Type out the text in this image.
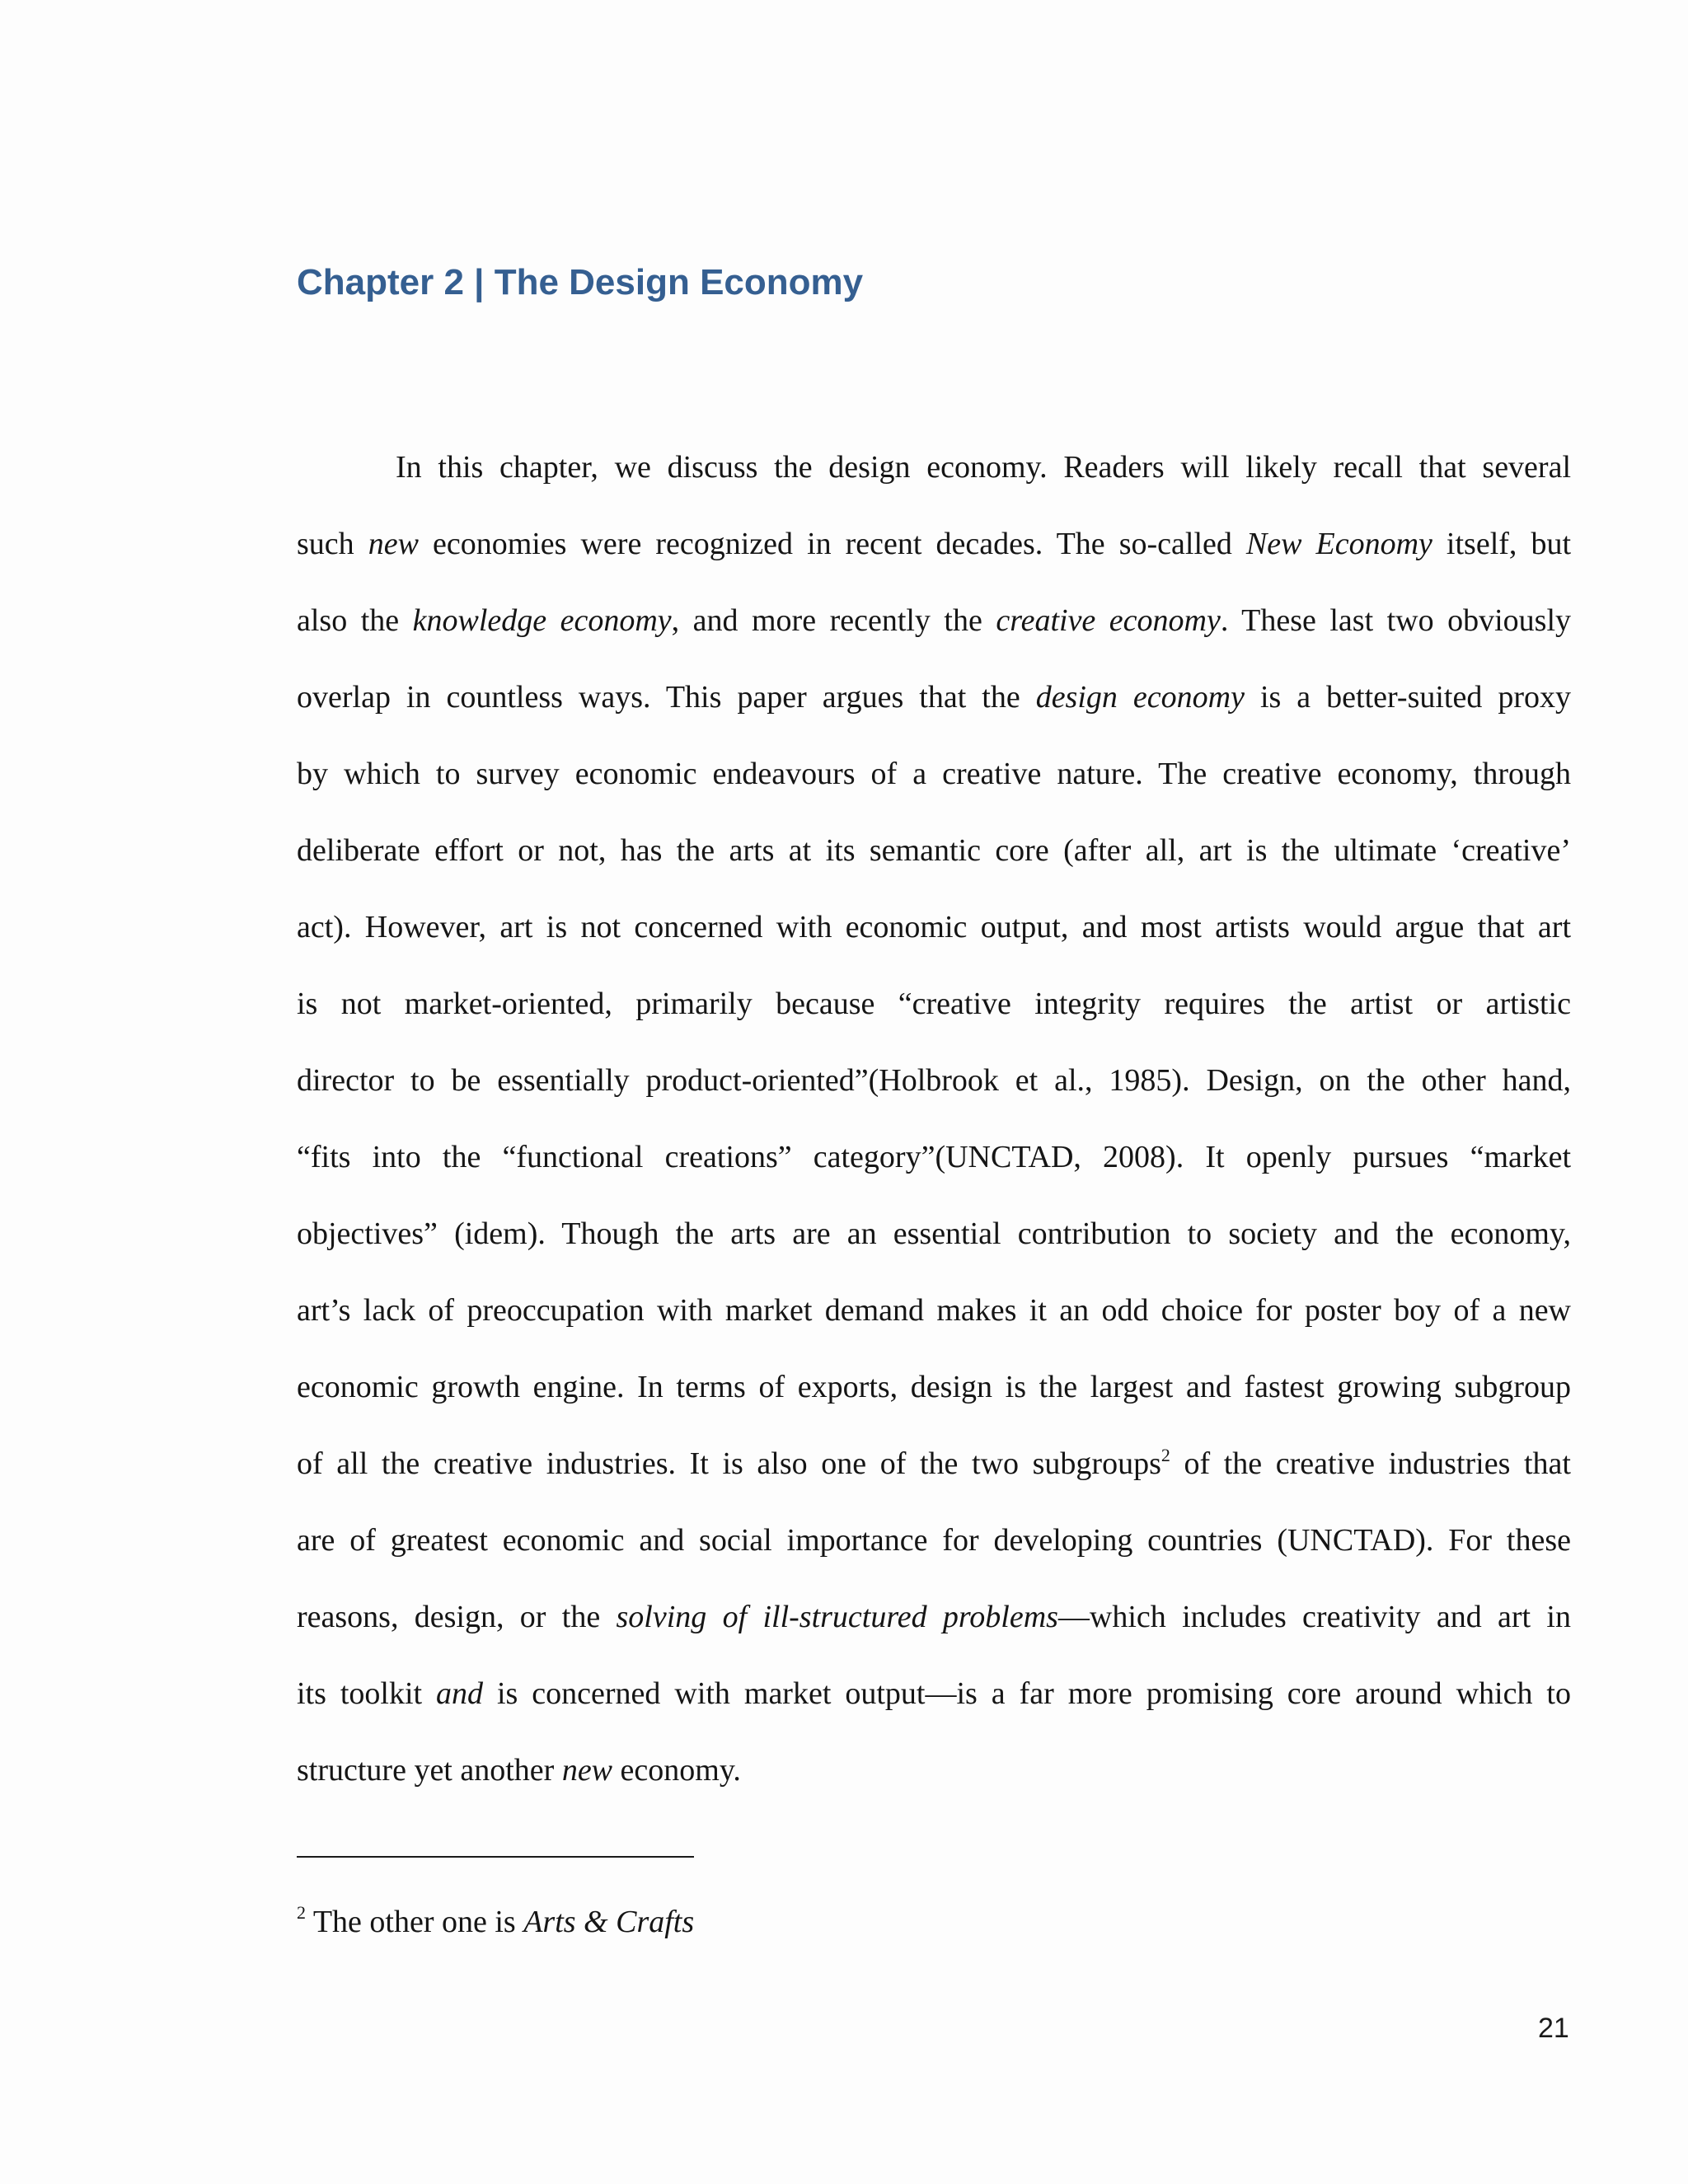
Chapter 2 | The Design Economy
In this chapter, we discuss the design economy. Readers will likely recall that several
such new economies were recognized in recent decades. The so-called New Economy itself, but
also the knowledge economy, and more recently the creative economy. These last two obviously
overlap in countless ways. This paper argues that the design economy is a better-suited proxy
by which to survey economic endeavours of a creative nature. The creative economy, through
deliberate effort or not, has the arts at its semantic core (after all, art is the ultimate ‘creative’
act). However, art is not concerned with economic output, and most artists would argue that art
is not market-oriented, primarily because “creative integrity requires the artist or artistic
director to be essentially product-oriented”(Holbrook et al., 1985). Design, on the other hand,
“fits into the “functional creations” category”(UNCTAD, 2008). It openly pursues “market
objectives” (idem). Though the arts are an essential contribution to society and the economy,
art’s lack of preoccupation with market demand makes it an odd choice for poster boy of a new
economic growth engine. In terms of exports, design is the largest and fastest growing subgroup
of all the creative industries. It is also one of the two subgroups$^2$ of the creative industries that
are of greatest economic and social importance for developing countries (UNCTAD). For these
reasons, design, or the solving of ill-structured problems—which includes creativity and art in
its toolkit and is concerned with market output—is a far more promising core around which to
structure yet another new economy.

$^2$ The other one is Arts & Crafts

21
